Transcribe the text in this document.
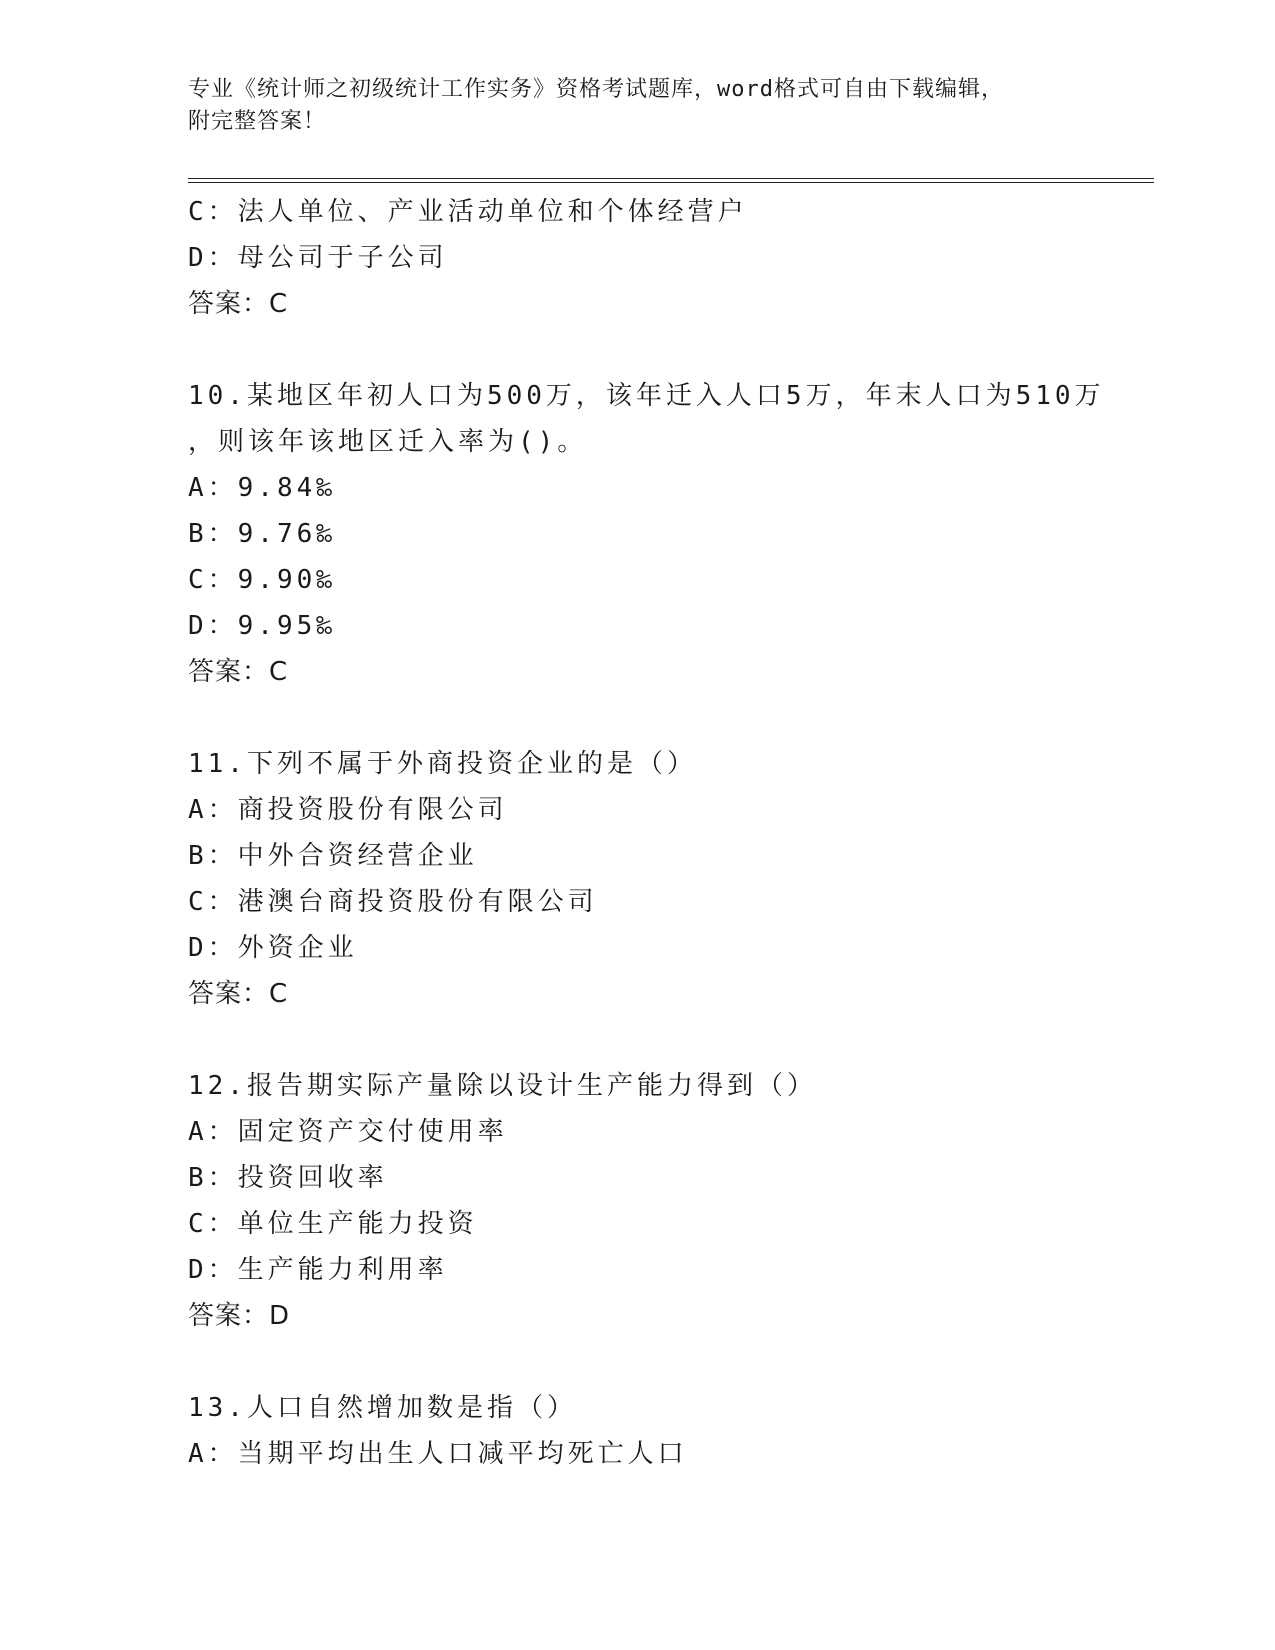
专业《统计师之初级统计工作实务》资格考试题库，word格式可自由下载编辑，
附完整答案！
C：法人单位、产业活动单位和个体经营户
D：母公司于子公司
答案：C
10.某地区年初人口为500万，该年迁入人口5万，年末人口为510万
，则该年该地区迁入率为()。
A：9.84‰
B：9.76‰
C：9.90‰
D：9.95‰
答案：C
11.下列不属于外商投资企业的是（）
A：商投资股份有限公司
B：中外合资经营企业
C：港澳台商投资股份有限公司
D：外资企业
答案：C
12.报告期实际产量除以设计生产能力得到（）
A：固定资产交付使用率
B：投资回收率
C：单位生产能力投资
D：生产能力利用率
答案：D
13.人口自然增加数是指（）
A：当期平均出生人口减平均死亡人口
